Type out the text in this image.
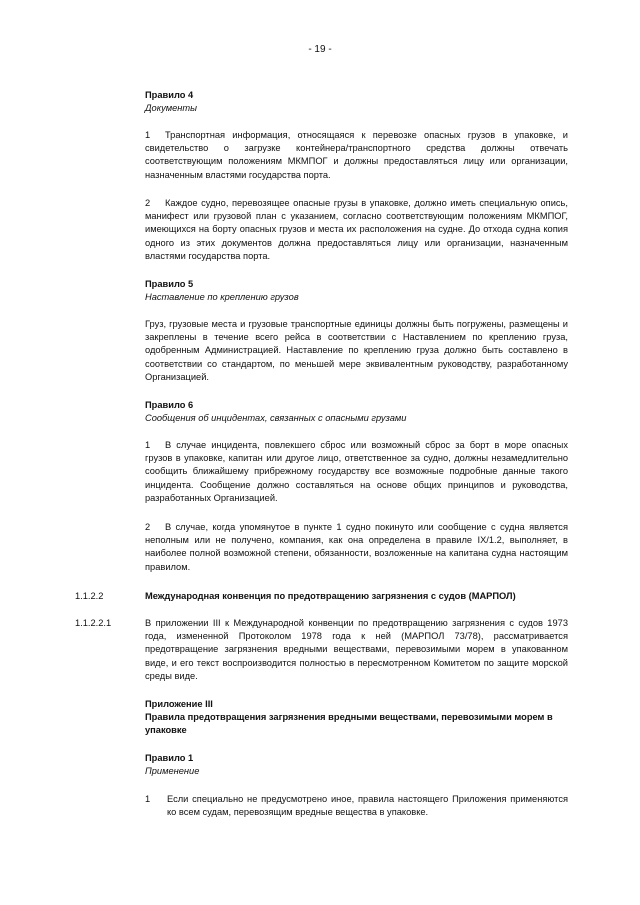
- 19 -
Правило 4
Документы

1 Транспортная информация, относящаяся к перевозке опасных грузов в упаковке, и свидетельство о загрузке контейнера/транспортного средства должны отвечать соответствующим положениям МКМПОГ и должны предоставляться лицу или организации, назначенным властями государства порта.

2 Каждое судно, перевозящее опасные грузы в упаковке, должно иметь специальную опись, манифест или грузовой план с указанием, согласно соответствующим положениям МКМПОГ, имеющихся на борту опасных грузов и места их расположения на судне. До отхода судна копия одного из этих документов должна предоставляться лицу или организации, назначенным властями государства порта.

Правило 5
Наставление по креплению грузов

Груз, грузовые места и грузовые транспортные единицы должны быть погружены, размещены и закреплены в течение всего рейса в соответствии с Наставлением по креплению груза, одобренным Администрацией. Наставление по креплению груза должно быть составлено в соответствии со стандартом, по меньшей мере эквивалентным руководству, разработанному Организацией.

Правило 6
Сообщения об инцидентах, связанных с опасными грузами

1 В случае инцидента, повлекшего сброс или возможный сброс за борт в море опасных грузов в упаковке, капитан или другое лицо, ответственное за судно, должны незамедлительно сообщить ближайшему прибрежному государству все возможные подробные данные такого инцидента. Сообщение должно составляться на основе общих принципов и руководства, разработанных Организацией.

2 В случае, когда упомянутое в пункте 1 судно покинуто или сообщение с судна является неполным или не получено, компания, как она определена в правиле IX/1.2, выполняет, в наиболее полной возможной степени, обязанности, возложенные на капитана судна настоящим правилом.

1.1.2.2	Международная конвенция по предотвращению загрязнения с судов (МАРПОЛ)
1.1.2.2.1	В приложении III к Международной конвенции по предотвращению загрязнения с судов 1973 года, измененной Протоколом 1978 года к ней (МАРПОЛ 73/78), рассматривается предотвращение загрязнения вредными веществами, перевозимыми морем в упакованном виде, и его текст воспроизводится полностью в пересмотренном Комитетом по защите морской среды виде.

Приложение III
Правила предотвращения загрязнения вредными веществами, перевозимыми морем в упаковке
Правило 1
Применение
1	Если специально не предусмотрено иное, правила настоящего Приложения применяются ко всем судам, перевозящим вредные вещества в упаковке.
